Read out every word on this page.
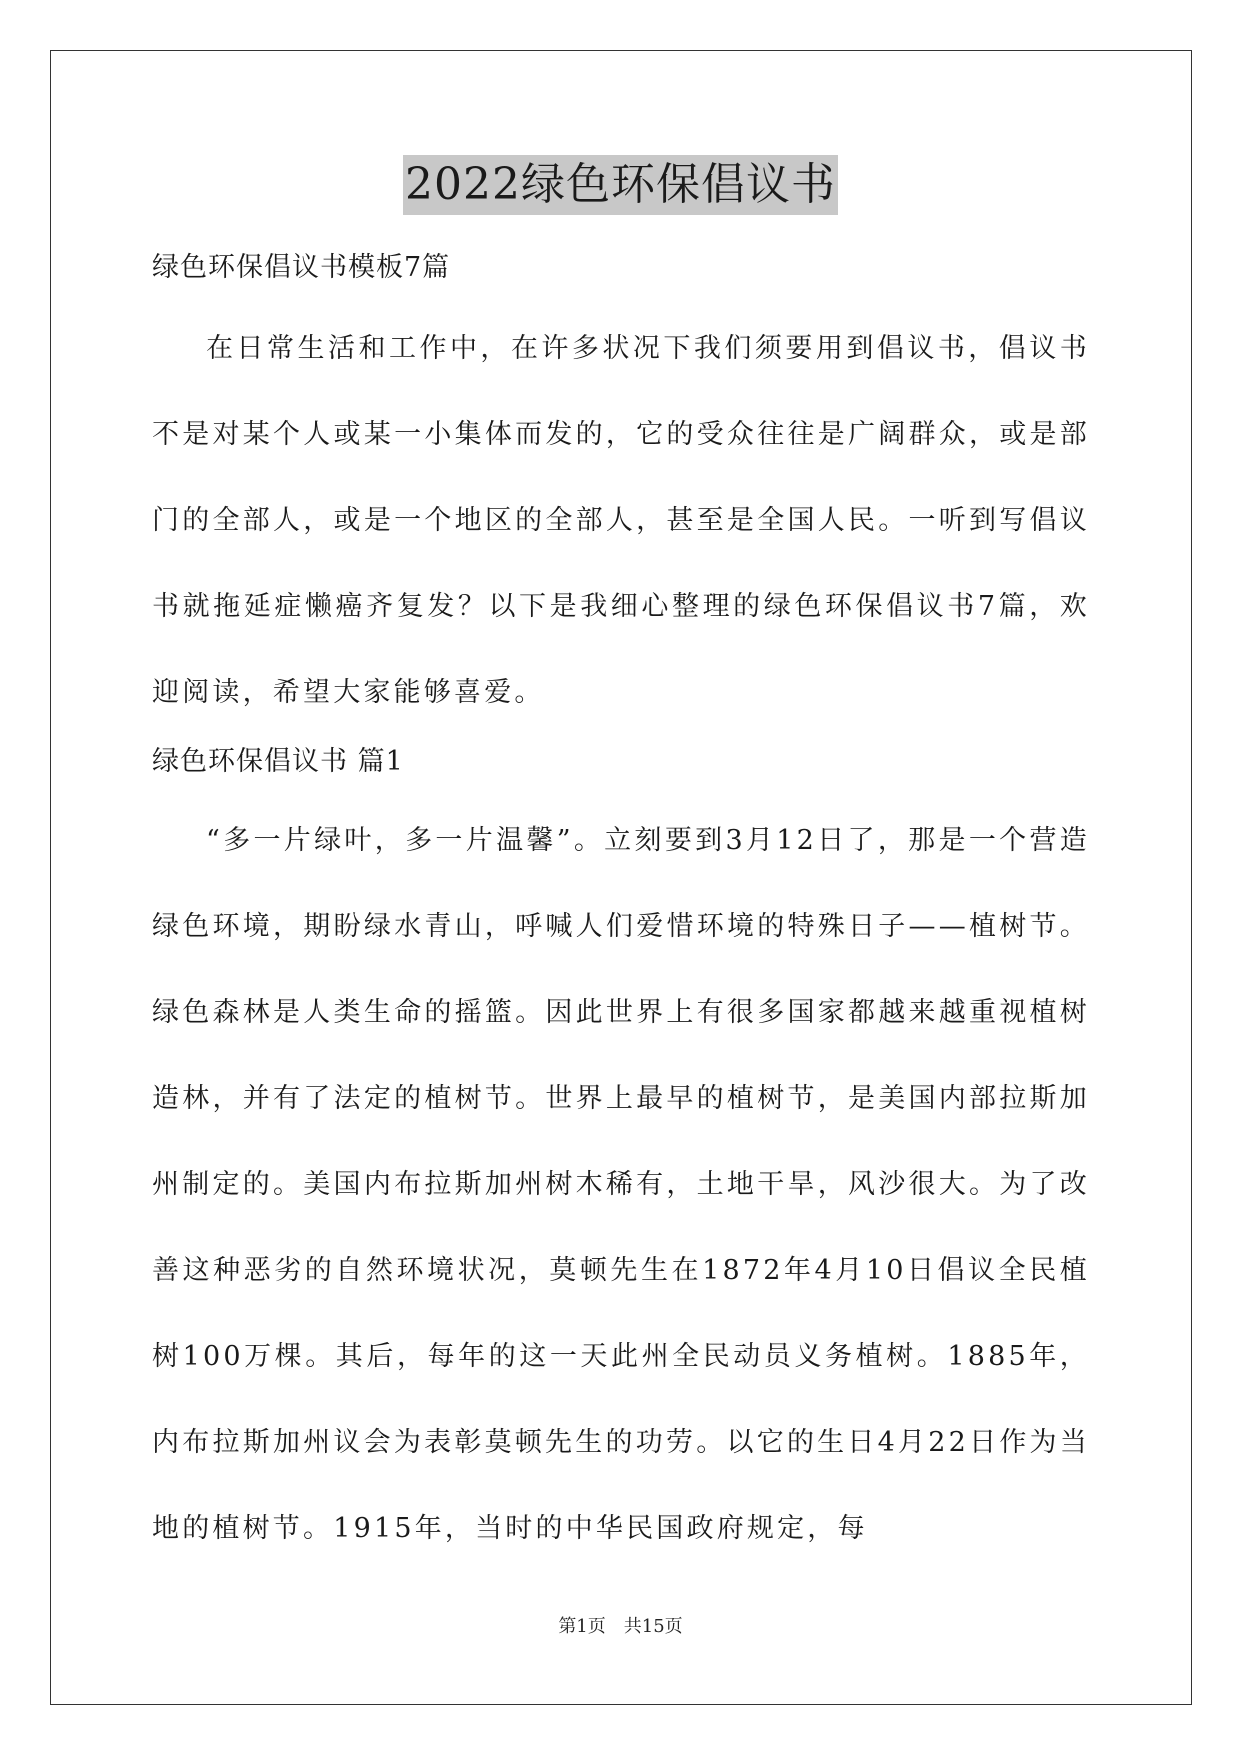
2022绿色环保倡议书

绿色环保倡议书模板7篇

在日常生活和工作中，在许多状况下我们须要用到倡议书，倡议书不是对某个人或某一小集体而发的，它的受众往往是广阔群众，或是部门的全部人，或是一个地区的全部人，甚至是全国人民。一听到写倡议书就拖延症懒癌齐复发？以下是我细心整理的绿色环保倡议书7篇，欢迎阅读，希望大家能够喜爱。

绿色环保倡议书 篇1

“多一片绿叶，多一片温馨”。立刻要到3月12日了，那是一个营造绿色环境，期盼绿水青山，呼喊人们爱惜环境的特殊日子——植树节。绿色森林是人类生命的摇篮。因此世界上有很多国家都越来越重视植树造林，并有了法定的植树节。世界上最早的植树节，是美国内部拉斯加州制定的。美国内布拉斯加州树木稀有，土地干旱，风沙很大。为了改善这种恶劣的自然环境状况，莫顿先生在1872年4月10日倡议全民植树100万棵。其后，每年的这一天此州全民动员义务植树。1885年，内布拉斯加州议会为表彰莫顿先生的功劳。以它的生日4月22日作为当地的植树节。1915年，当时的中华民国政府规定，每

第1页 共15页
